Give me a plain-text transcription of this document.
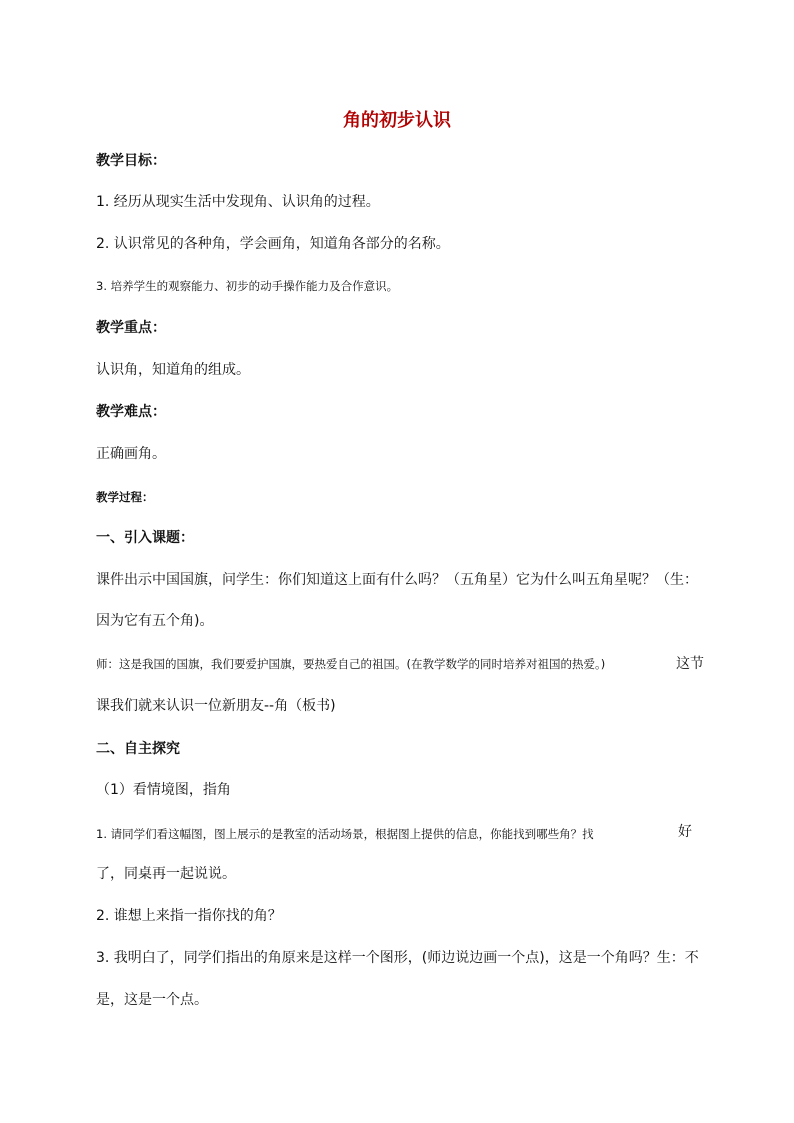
角的初步认识
教学目标：
1. 经历从现实生活中发现角、认识角的过程。
2. 认识常见的各种角，学会画角，知道角各部分的名称。
3. 培养学生的观察能力、初步的动手操作能力及合作意识。
教学重点：
认识角，知道角的组成。
教学难点：
正确画角。
教学过程：
一、引入课题：
课件出示中国国旗，问学生：你们知道这上面有什么吗？（五角星）它为什么叫五角星呢？（生：
因为它有五个角)。
师：这是我国的国旗，我们要爱护国旗，要热爱自己的祖国。(在教学数学的同时培养对祖国的热爱。)	这节
课我们就来认识一位新朋友--角（板书)
二、自主探究
（1）看情境图，指角
1. 请同学们看这幅图，图上展示的是教室的活动场景，根据图上提供的信息，你能找到哪些角？找	好
了，同桌再一起说说。
2. 谁想上来指一指你找的角？
3. 我明白了，同学们指出的角原来是这样一个图形，(师边说边画一个点)，这是一个角吗？生：不
是，这是一个点。
